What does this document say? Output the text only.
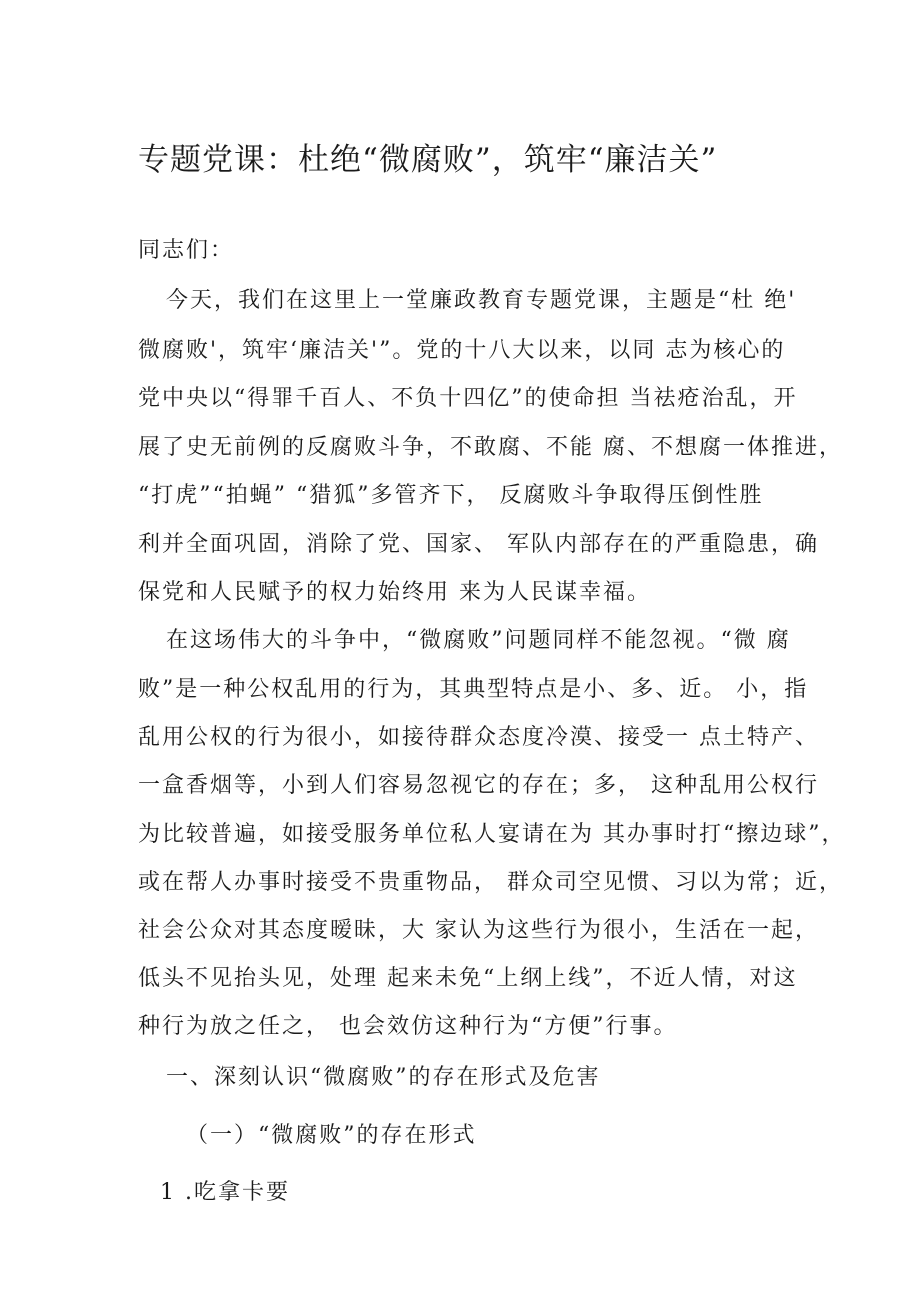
专题党课：杜绝“微腐败”，筑牢“廉洁关”
同志们：
今天，我们在这里上一堂廉政教育专题党课，主题是“杜 绝'
微腐败'，筑牢‘廉洁关'”。党的十八大以来，以同 志为核心的
党中央以“得罪千百人、不负十四亿”的使命担 当祛疮治乱，开
展了史无前例的反腐败斗争，不敢腐、不能 腐、不想腐一体推进，
“打虎”“拍蝇” “猎狐”多管齐下， 反腐败斗争取得压倒性胜
利并全面巩固，消除了党、国家、 军队内部存在的严重隐患，确
保党和人民赋予的权力始终用 来为人民谋幸福。
在这场伟大的斗争中，“微腐败”问题同样不能忽视。“微 腐
败”是一种公权乱用的行为，其典型特点是小、多、近。 小，指
乱用公权的行为很小，如接待群众态度冷漠、接受一 点土特产、
一盒香烟等，小到人们容易忽视它的存在；多， 这种乱用公权行
为比较普遍，如接受服务单位私人宴请在为 其办事时打“擦边球”，
或在帮人办事时接受不贵重物品， 群众司空见惯、习以为常；近，
社会公众对其态度暧昧，大 家认为这些行为很小，生活在一起，
低头不见抬头见，处理 起来未免“上纲上线”，不近人情，对这
种行为放之任之， 也会效仿这种行为“方便”行事。
一、深刻认识“微腐败”的存在形式及危害
（一）“微腐败”的存在形式
1 .吃拿卡要
